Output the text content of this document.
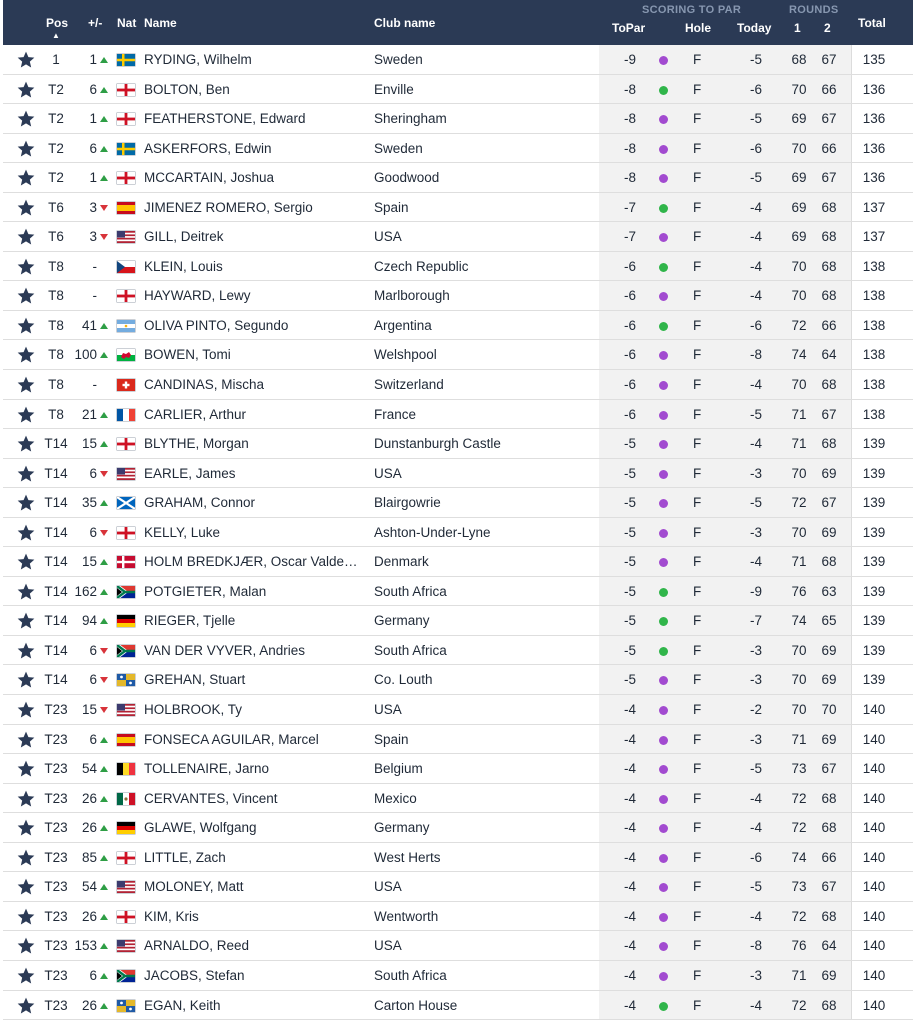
Pos
▲
+/- Nat Name	Club name
SCORING TO PAR	ROUNDS
ToPar	Hole Today 1 2 Total
1	1	RYDING, Wilhelm	Sweden	-9	F	-5 68 67	135
T2	6	BOLTON, Ben	Enville	-8	F	-6 70 66	136
T2	1	FEATHERSTONE, Edward	Sheringham	-8	F	-5 69 67	136
T2	6	ASKERFORS, Edwin	Sweden	-8	F	-6 70 66	136
T2	1	MCCARTAIN, Joshua	Goodwood	-8	F	-5 69 67	136
T6	3	JIMENEZ ROMERO, Sergio	Spain	-7	F	-4 69 68	137
T6	3	GILL, Deitrek	USA	-7	F	-4 69 68	137
T8	-	KLEIN, Louis	Czech Republic	-6	F	-4 70 68	138
T8	-	HAYWARD, Lewy	Marlborough	-6	F	-4 70 68	138
T8	41	OLIVA PINTO, Segundo	Argentina	-6	F	-6 72 66	138
T8 100	BOWEN, Tomi	Welshpool	-6	F	-8 74 64	138
T8	-	CANDINAS, Mischa	Switzerland	-6	F	-4 70 68	138
T8	21	CARLIER, Arthur	France	-6	F	-5 71 67	138
T14	15	BLYTHE, Morgan	Dunstanburgh Castle	-5	F	-4 71 68	139
T14	6	EARLE, James	USA	-5	F	-3 70 69	139
T14	35	GRAHAM, Connor	Blairgowrie	-5	F	-5 72 67	139
T14	6	KELLY, Luke	Ashton-Under-Lyne	-5	F	-3 70 69	139
T14	15	HOLM BREDKJÆR, Oscar Valde…	Denmark	-5	F	-4 71 68	139
T14 162	POTGIETER, Malan	South Africa	-5	F	-9 76 63	139
T14	94	RIEGER, Tjelle	Germany	-5	F	-7 74 65	139
T14	6	VAN DER VYVER, Andries	South Africa	-5	F	-3 70 69	139
T14	6	GREHAN, Stuart	Co. Louth	-5	F	-3 70 69	139
T23	15	HOLBROOK, Ty	USA	-4	F	-2 70 70	140
T23	6	FONSECA AGUILAR, Marcel	Spain	-4	F	-3 71 69	140
T23	54	TOLLENAIRE, Jarno	Belgium	-4	F	-5 73 67	140
T23	26	CERVANTES, Vincent	Mexico	-4	F	-4 72 68	140
T23	26	GLAWE, Wolfgang	Germany	-4	F	-4 72 68	140
T23	85	LITTLE, Zach	West Herts	-4	F	-6 74 66	140
T23	54	MOLONEY, Matt	USA	-4	F	-5 73 67	140
T23	26	KIM, Kris	Wentworth	-4	F	-4 72 68	140
T23 153	ARNALDO, Reed	USA	-4	F	-8 76 64	140
T23	6	JACOBS, Stefan	South Africa	-4	F	-3 71 69	140
T23	26	EGAN, Keith	Carton House	-4	F	-4 72 68	140
